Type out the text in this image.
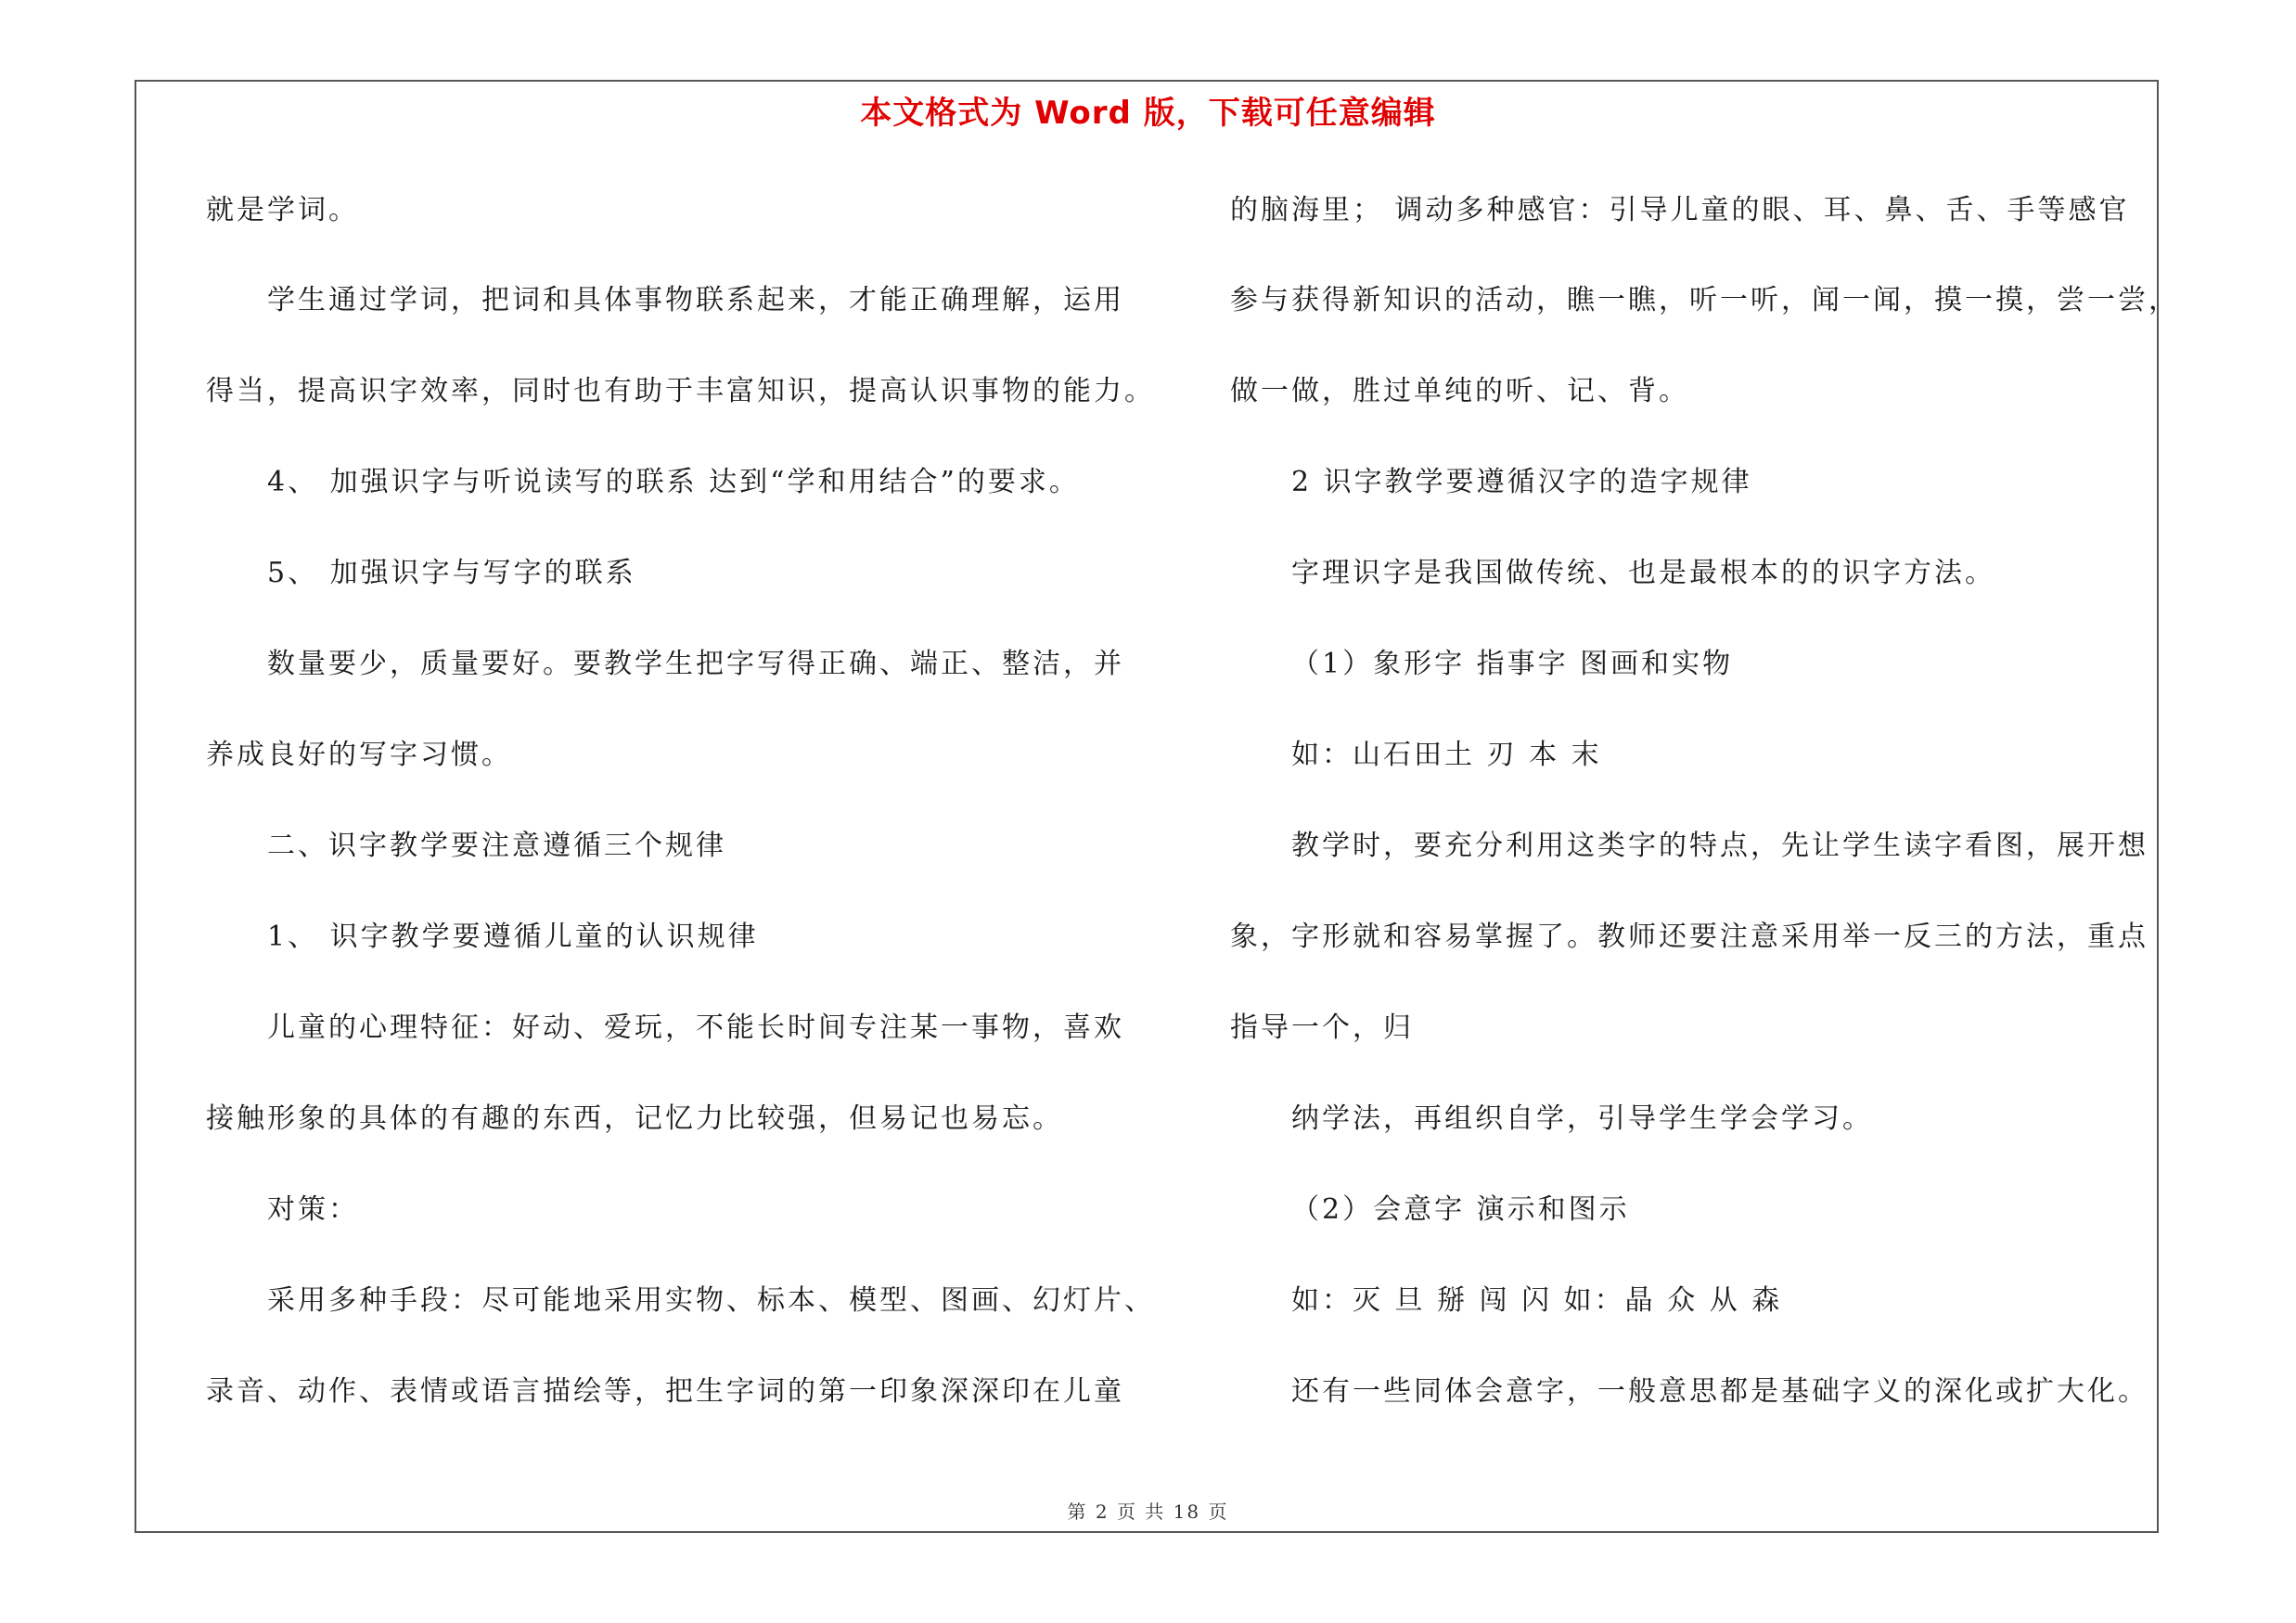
本文格式为 Word 版，下载可任意编辑
就是学词。
学生通过学词，把词和具体事物联系起来，才能正确理解，运用
得当，提高识字效率，同时也有助于丰富知识，提高认识事物的能力。
4、 加强识字与听说读写的联系 达到“学和用结合”的要求。
5、 加强识字与写字的联系
数量要少，质量要好。要教学生把字写得正确、端正、整洁，并
养成良好的写字习惯。
二、识字教学要注意遵循三个规律
1、 识字教学要遵循儿童的认识规律
儿童的心理特征：好动、爱玩，不能长时间专注某一事物，喜欢
接触形象的具体的有趣的东西，记忆力比较强，但易记也易忘。
对策：
采用多种手段：尽可能地采用实物、标本、模型、图画、幻灯片、
录音、动作、表情或语言描绘等，把生字词的第一印象深深印在儿童
的脑海里； 调动多种感官：引导儿童的眼、耳、鼻、舌、手等感官
参与获得新知识的活动，瞧一瞧，听一听，闻一闻，摸一摸，尝一尝，
做一做，胜过单纯的听、记、背。
2 识字教学要遵循汉字的造字规律
字理识字是我国做传统、也是最根本的的识字方法。
（1）象形字 指事字 图画和实物
如：山石田土 刃 本 末
教学时，要充分利用这类字的特点，先让学生读字看图，展开想
象，字形就和容易掌握了。教师还要注意采用举一反三的方法，重点
指导一个，归
纳学法，再组织自学，引导学生学会学习。
（2）会意字 演示和图示
如：灭 旦 掰 闯 闪 如：晶 众 从 森
还有一些同体会意字，一般意思都是基础字义的深化或扩大化。
第 2 页 共 18 页
